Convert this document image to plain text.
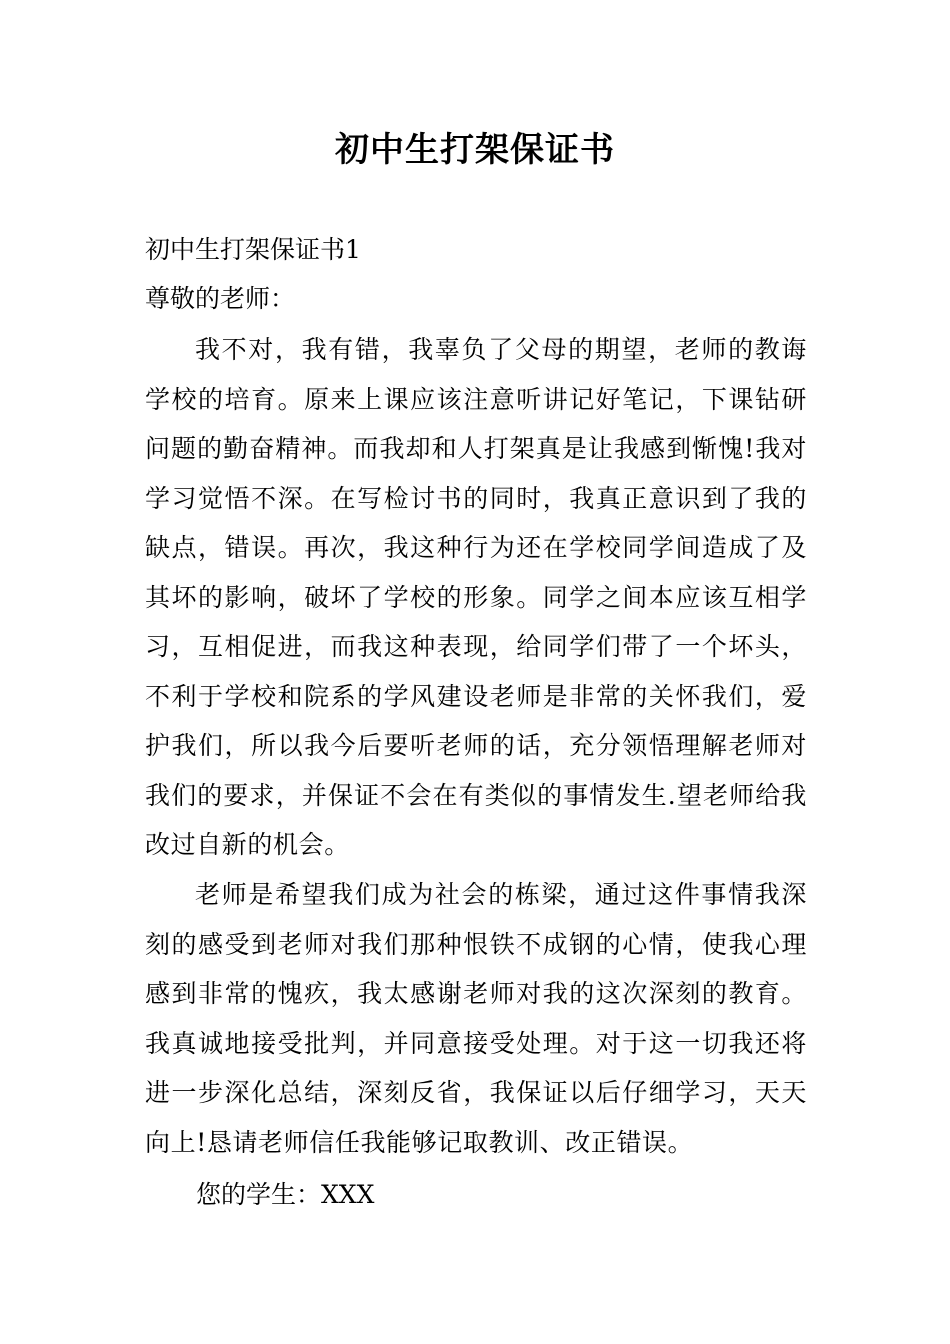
初中生打架保证书
初中生打架保证书1
尊敬的老师：
我不对，我有错，我辜负了父母的期望，老师的教诲学校的培育。原来上课应该注意听讲记好笔记，下课钻研问题的勤奋精神。而我却和人打架真是让我感到惭愧!我对学习觉悟不深。在写检讨书的同时，我真正意识到了我的缺点，错误。再次，我这种行为还在学校同学间造成了及其坏的影响，破坏了学校的形象。同学之间本应该互相学习，互相促进，而我这种表现，给同学们带了一个坏头，不利于学校和院系的学风建设老师是非常的关怀我们，爱护我们，所以我今后要听老师的话，充分领悟理解老师对我们的要求，并保证不会在有类似的事情发生.望老师给我改过自新的机会。
老师是希望我们成为社会的栋梁，通过这件事情我深刻的感受到老师对我们那种恨铁不成钢的心情，使我心理感到非常的愧疚，我太感谢老师对我的这次深刻的教育。我真诚地接受批判，并同意接受处理。对于这一切我还将进一步深化总结，深刻反省，我保证以后仔细学习，天天向上!恳请老师信任我能够记取教训、改正错误。
您的学生：XXX
